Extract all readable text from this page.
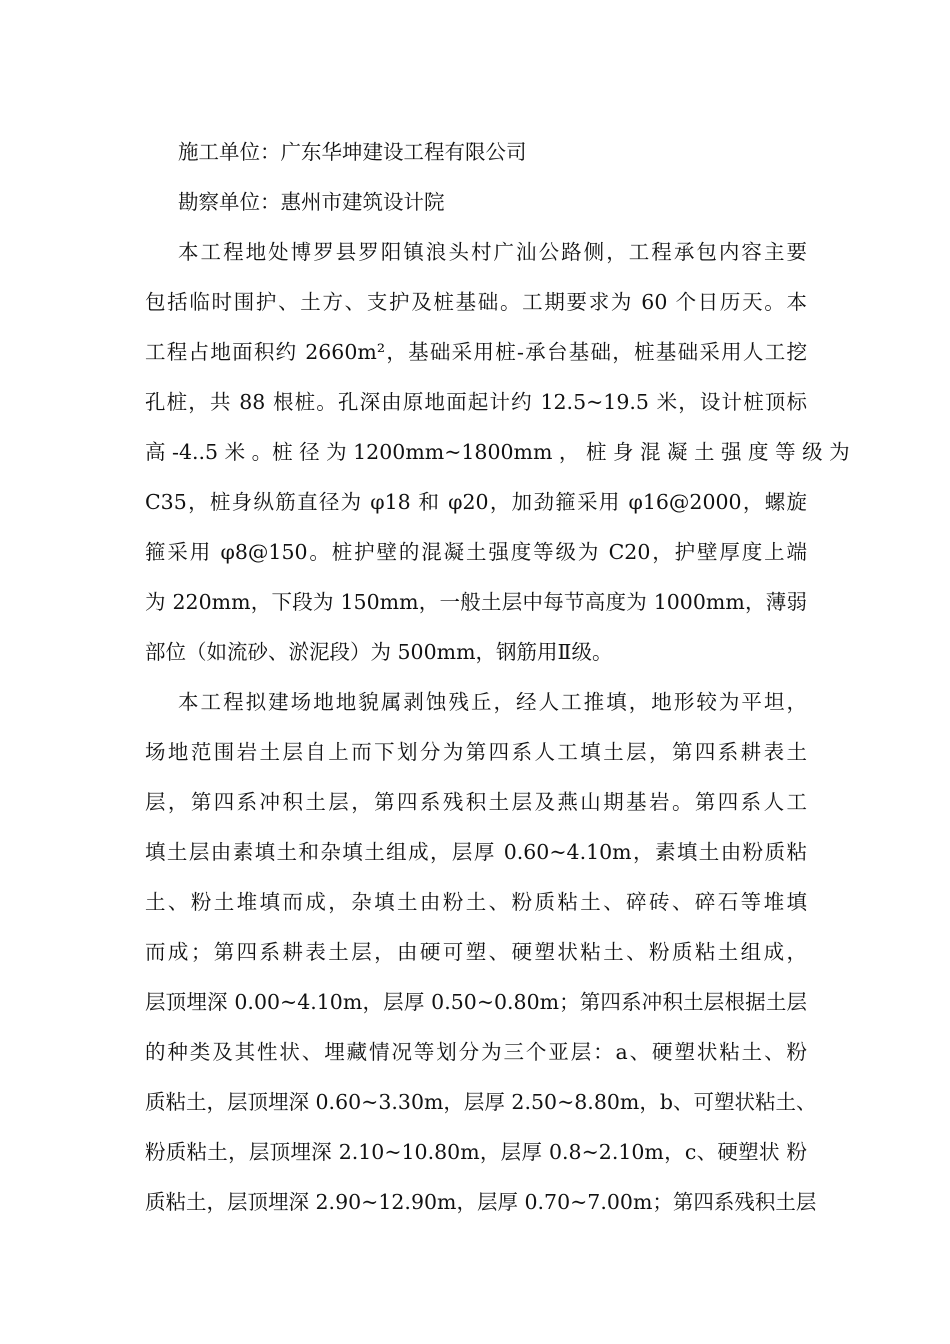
施工单位：广东华坤建设工程有限公司
勘察单位：惠州市建筑设计院
本工程地处博罗县罗阳镇浪头村广汕公路侧，工程承包内容主要
包括临时围护、土方、支护及桩基础。工期要求为 60 个日历天。本
工程占地面积约 2660m²，基础采用桩-承台基础，桩基础采用人工挖
孔桩，共 88 根桩。孔深由原地面起计约 12.5~19.5 米，设计桩顶标
高 -4..5 米 。桩 径 为 1200mm~1800mm ， 桩 身 混 凝 土 强 度 等 级 为
C35，桩身纵筋直径为 φ18 和 φ20，加劲箍采用 φ16@2000，螺旋
箍采用 φ8@150。桩护壁的混凝土强度等级为 C20，护壁厚度上端
为 220mm，下段为 150mm，一般土层中每节高度为 1000mm，薄弱
部位（如流砂、淤泥段）为 500mm，钢筋用Ⅱ级。
本工程拟建场地地貌属剥蚀残丘，经人工推填，地形较为平坦，
场地范围岩土层自上而下划分为第四系人工填土层，第四系耕表土
层，第四系冲积土层，第四系残积土层及燕山期基岩。第四系人工
填土层由素填土和杂填土组成，层厚 0.60~4.10m，素填土由粉质粘
土、粉土堆填而成，杂填土由粉土、粉质粘土、碎砖、碎石等堆填
而成；第四系耕表土层，由硬可塑、硬塑状粘土、粉质粘土组成，
层顶埋深 0.00~4.10m，层厚 0.50~0.80m；第四系冲积土层根据土层
的种类及其性状、埋藏情况等划分为三个亚层：a、硬塑状粘土、粉
质粘土，层顶埋深 0.60~3.30m，层厚 2.50~8.80m，b、可塑状粘土、
粉质粘土，层顶埋深 2.10~10.80m，层厚 0.8~2.10m，c、硬塑状 粉
质粘土，层顶埋深 2.90~12.90m，层厚 0.70~7.00m；第四系残积土层
